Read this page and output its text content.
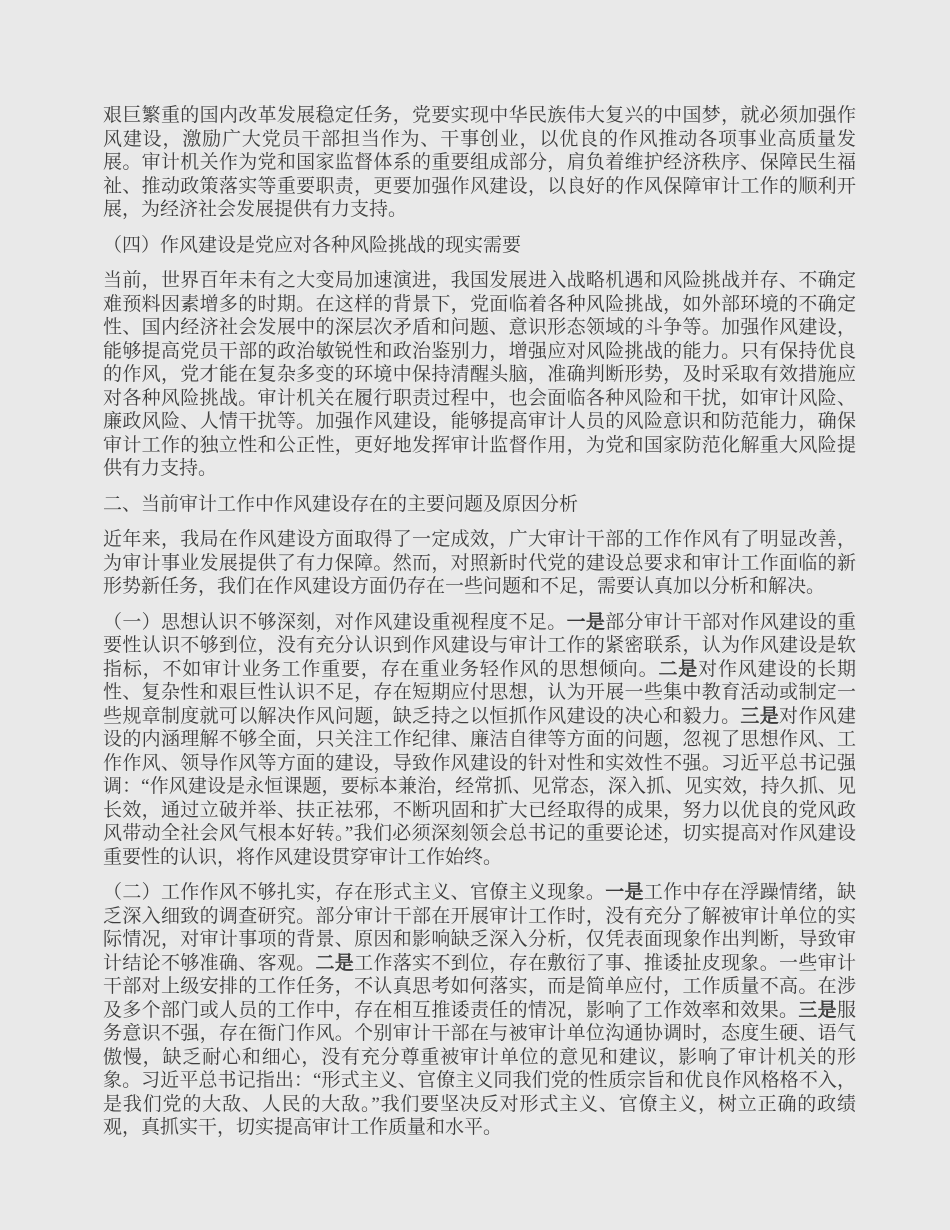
艰巨繁重的国内改革发展稳定任务，党要实现中华民族伟大复兴的中国梦，就必须加强作风建设，激励广大党员干部担当作为、干事创业，以优良的作风推动各项事业高质量发展。审计机关作为党和国家监督体系的重要组成部分，肩负着维护经济秩序、保障民生福祉、推动政策落实等重要职责，更要加强作风建设，以良好的作风保障审计工作的顺利开展，为经济社会发展提供有力支持。

（四）作风建设是党应对各种风险挑战的现实需要

当前，世界百年未有之大变局加速演进，我国发展进入战略机遇和风险挑战并存、不确定难预料因素增多的时期。在这样的背景下，党面临着各种风险挑战，如外部环境的不确定性、国内经济社会发展中的深层次矛盾和问题、意识形态领域的斗争等。加强作风建设，能够提高党员干部的政治敏锐性和政治鉴别力，增强应对风险挑战的能力。只有保持优良的作风，党才能在复杂多变的环境中保持清醒头脑，准确判断形势，及时采取有效措施应对各种风险挑战。审计机关在履行职责过程中，也会面临各种风险和干扰，如审计风险、廉政风险、人情干扰等。加强作风建设，能够提高审计人员的风险意识和防范能力，确保审计工作的独立性和公正性，更好地发挥审计监督作用，为党和国家防范化解重大风险提供有力支持。

二、当前审计工作中作风建设存在的主要问题及原因分析

近年来，我局在作风建设方面取得了一定成效，广大审计干部的工作作风有了明显改善，为审计事业发展提供了有力保障。然而，对照新时代党的建设总要求和审计工作面临的新形势新任务，我们在作风建设方面仍存在一些问题和不足，需要认真加以分析和解决。

（一）思想认识不够深刻，对作风建设重视程度不足。一是部分审计干部对作风建设的重要性认识不够到位，没有充分认识到作风建设与审计工作的紧密联系，认为作风建设是软指标，不如审计业务工作重要，存在重业务轻作风的思想倾向。二是对作风建设的长期性、复杂性和艰巨性认识不足，存在短期应付思想，认为开展一些集中教育活动或制定一些规章制度就可以解决作风问题，缺乏持之以恒抓作风建设的决心和毅力。三是对作风建设的内涵理解不够全面，只关注工作纪律、廉洁自律等方面的问题，忽视了思想作风、工作作风、领导作风等方面的建设，导致作风建设的针对性和实效性不强。习近平总书记强调：“作风建设是永恒课题，要标本兼治，经常抓、见常态，深入抓、见实效，持久抓、见长效，通过立破并举、扶正祛邪，不断巩固和扩大已经取得的成果，努力以优良的党风政风带动全社会风气根本好转。”我们必须深刻领会总书记的重要论述，切实提高对作风建设重要性的认识，将作风建设贯穿审计工作始终。

（二）工作作风不够扎实，存在形式主义、官僚主义现象。一是工作中存在浮躁情绪，缺乏深入细致的调查研究。部分审计干部在开展审计工作时，没有充分了解被审计单位的实际情况，对审计事项的背景、原因和影响缺乏深入分析，仅凭表面现象作出判断，导致审计结论不够准确、客观。二是工作落实不到位，存在敷衍了事、推诿扯皮现象。一些审计干部对上级安排的工作任务，不认真思考如何落实，而是简单应付，工作质量不高。在涉及多个部门或人员的工作中，存在相互推诿责任的情况，影响了工作效率和效果。三是服务意识不强，存在衙门作风。个别审计干部在与被审计单位沟通协调时，态度生硬、语气傲慢，缺乏耐心和细心，没有充分尊重被审计单位的意见和建议，影响了审计机关的形象。习近平总书记指出：“形式主义、官僚主义同我们党的性质宗旨和优良作风格格不入，是我们党的大敌、人民的大敌。”我们要坚决反对形式主义、官僚主义，树立正确的政绩观，真抓实干，切实提高审计工作质量和水平。
